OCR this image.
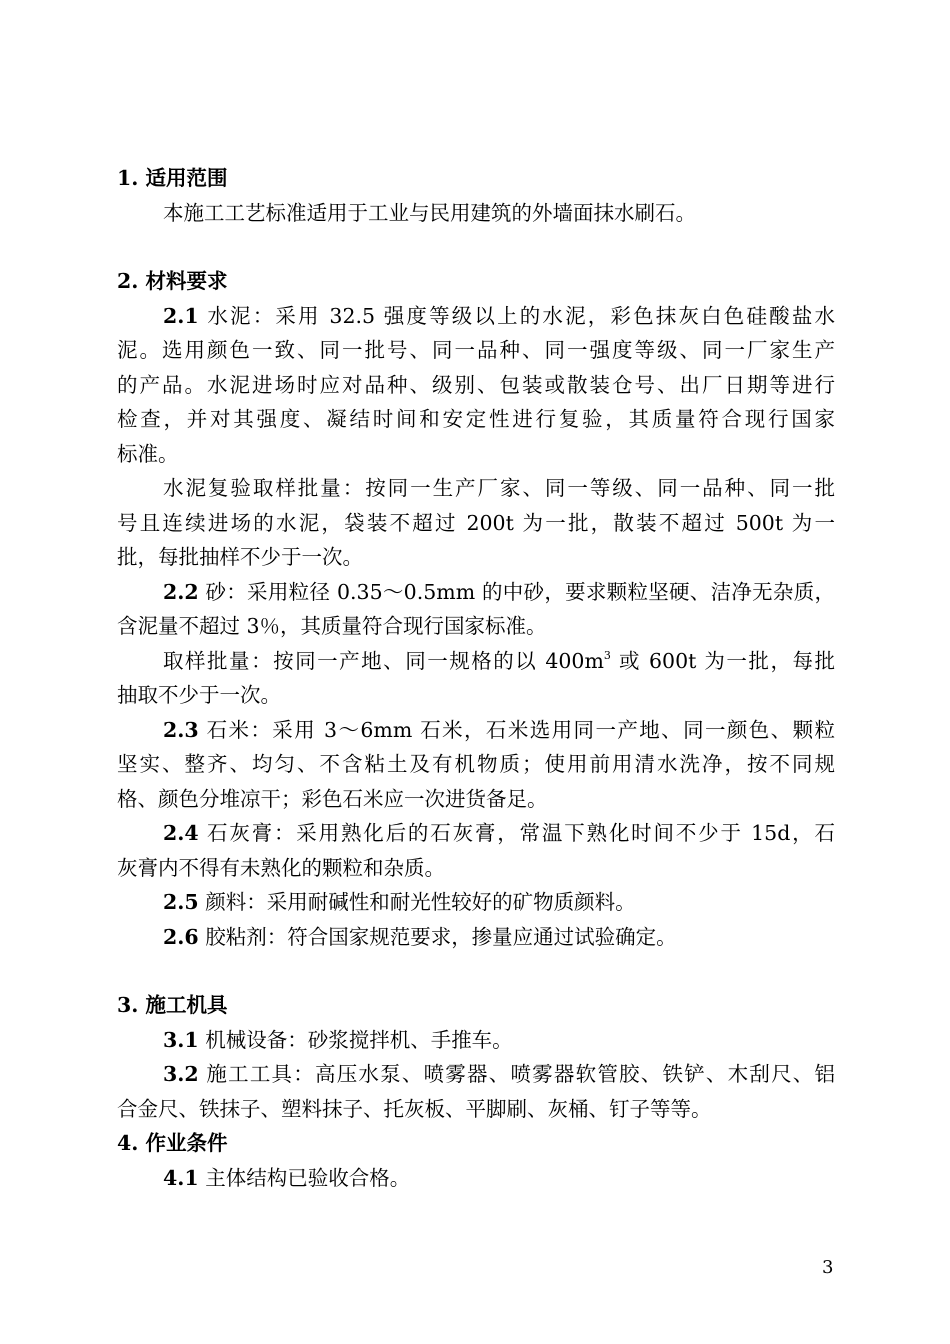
1. 适用范围
本施工工艺标准适用于工业与民用建筑的外墙面抹水刷石。
2. 材料要求
2.1 水泥：采用 32.5 强度等级以上的水泥，彩色抹灰白色硅酸盐水
泥。选用颜色一致、同一批号、同一品种、同一强度等级、同一厂家生产
的产品。水泥进场时应对品种、级别、包装或散装仓号、出厂日期等进行
检查，并对其强度、凝结时间和安定性进行复验，其质量符合现行国家
标准。
水泥复验取样批量：按同一生产厂家、同一等级、同一品种、同一批
号且连续进场的水泥，袋装不超过 200t 为一批，散装不超过 500t 为一
批，每批抽样不少于一次。
2.2 砂：采用粒径 0.35～0.5mm 的中砂，要求颗粒坚硬、洁净无杂质，
含泥量不超过 3％，其质量符合现行国家标准。
取样批量：按同一产地、同一规格的以 $400m^3$ 或 600t 为一批，每批
抽取不少于一次。
2.3 石米：采用 3～6mm 石米，石米选用同一产地、同一颜色、颗粒
坚实、整齐、均匀、不含粘土及有机物质；使用前用清水洗净，按不同规
格、颜色分堆凉干；彩色石米应一次进货备足。
2.4 石灰膏：采用熟化后的石灰膏，常温下熟化时间不少于 15d，石
灰膏内不得有未熟化的颗粒和杂质。
2.5 颜料：采用耐碱性和耐光性较好的矿物质颜料。
2.6 胶粘剂：符合国家规范要求，掺量应通过试验确定。
3. 施工机具
3.1 机械设备：砂浆搅拌机、手推车。
3.2 施工工具：高压水泵、喷雾器、喷雾器软管胶、铁铲、木刮尺、铝
合金尺、铁抹子、塑料抹子、托灰板、平脚刷、灰桶、钉子等等。
4. 作业条件
4.1 主体结构已验收合格。
3
